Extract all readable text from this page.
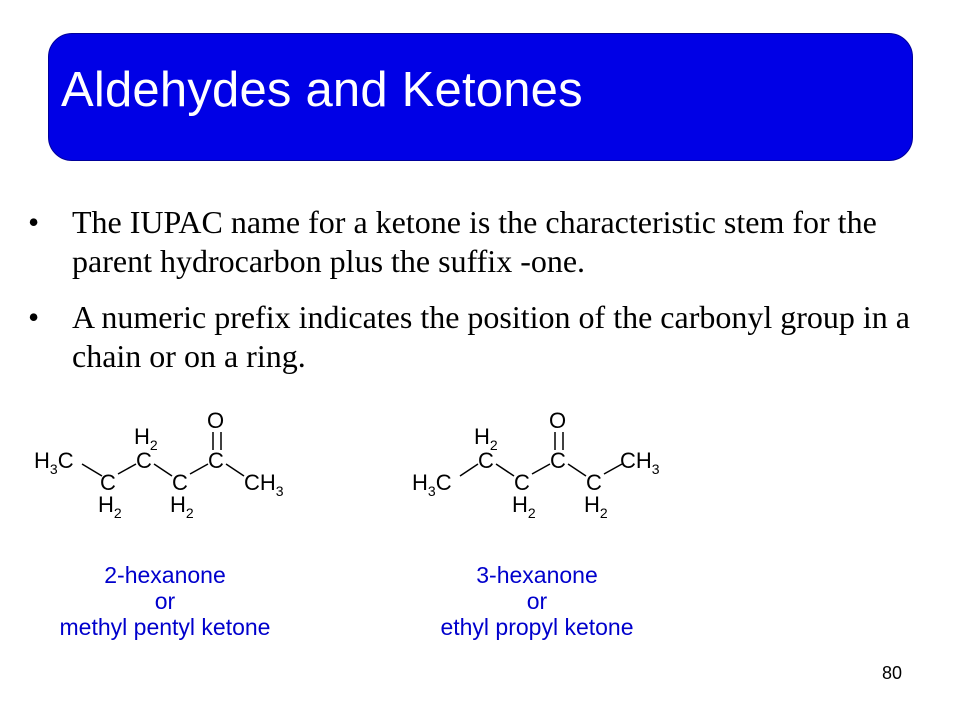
Aldehydes and Ketones
• The IUPAC name for a ketone is the characteristic stem for the parent hydrocarbon plus the suffix -one.
• A numeric prefix indicates the position of the carbonyl group in a chain or on a ring.
$H_3C$
C
$H_2$
C
$H_2$
C
$H_2$
C
O
$CH_3$	$H_3C$
C
$H_2$
C
$H_2$
C
O
C
$H_2$
$CH_3$
2-hexanone
or
methyl pentyl ketone
3-hexanone
or
ethyl propyl ketone
80
